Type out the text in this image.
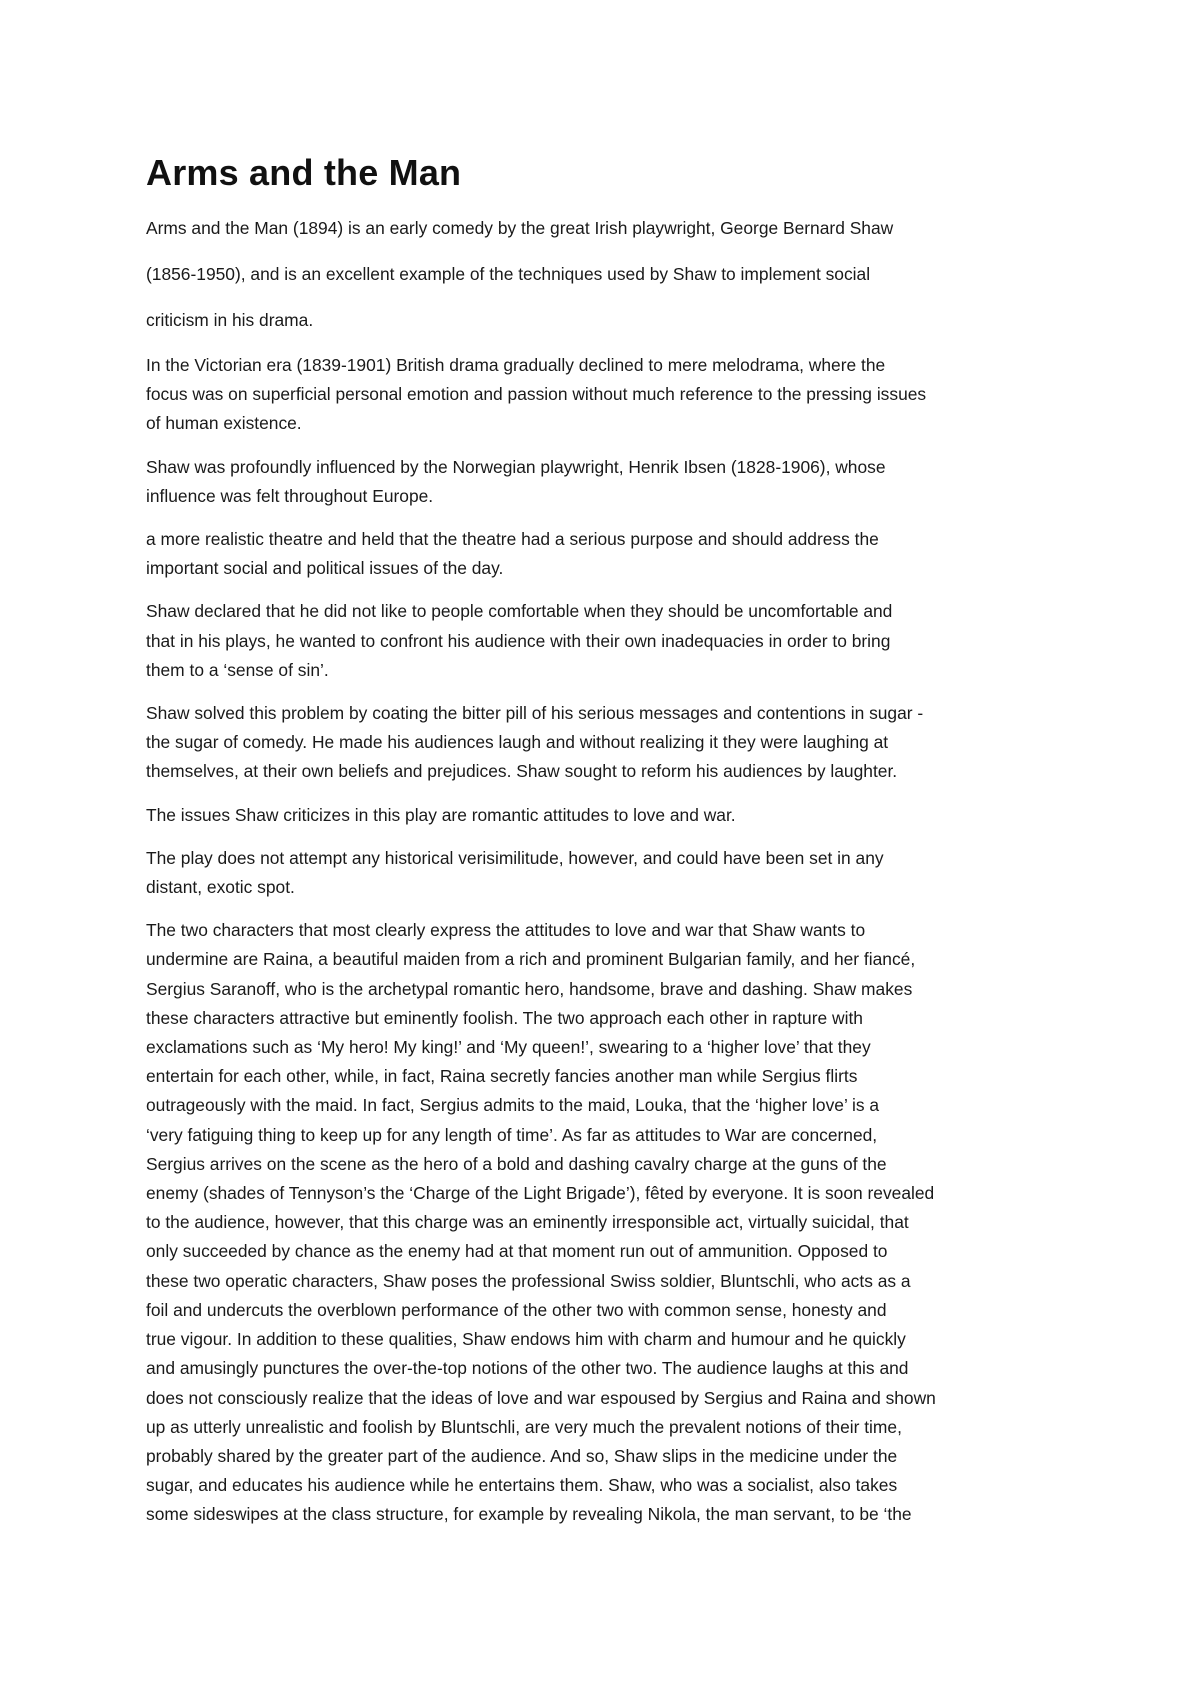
Arms and the Man
Arms and the Man (1894) is an early comedy by the great Irish playwright, George Bernard Shaw
(1856-1950), and is an excellent example of the techniques used by Shaw to implement social
criticism in his drama.
In the Victorian era (1839-1901) British drama gradually declined to mere melodrama, where the
focus was on superficial personal emotion and passion without much reference to the pressing issues
of human existence.
Shaw was profoundly influenced by the Norwegian playwright, Henrik Ibsen (1828-1906), whose
influence was felt throughout Europe.
a more realistic theatre and held that the theatre had a serious purpose and should address the
important social and political issues of the day.
Shaw declared that he did not like to people comfortable when they should be uncomfortable and
that in his plays, he wanted to confront his audience with their own inadequacies in order to bring
them to a ‘sense of sin’.
Shaw solved this problem by coating the bitter pill of his serious messages and contentions in sugar -
the sugar of comedy. He made his audiences laugh and without realizing it they were laughing at
themselves, at their own beliefs and prejudices. Shaw sought to reform his audiences by laughter.
The issues Shaw criticizes in this play are romantic attitudes to love and war.
The play does not attempt any historical verisimilitude, however, and could have been set in any
distant, exotic spot.
The two characters that most clearly express the attitudes to love and war that Shaw wants to
undermine are Raina, a beautiful maiden from a rich and prominent Bulgarian family, and her fiancé,
Sergius Saranoff, who is the archetypal romantic hero, handsome, brave and dashing. Shaw makes
these characters attractive but eminently foolish. The two approach each other in rapture with
exclamations such as ‘My hero! My king!’ and ‘My queen!’, swearing to a ‘higher love’ that they
entertain for each other, while, in fact, Raina secretly fancies another man while Sergius flirts
outrageously with the maid. In fact, Sergius admits to the maid, Louka, that the ‘higher love’ is a
‘very fatiguing thing to keep up for any length of time’. As far as attitudes to War are concerned,
Sergius arrives on the scene as the hero of a bold and dashing cavalry charge at the guns of the
enemy (shades of Tennyson’s the ‘Charge of the Light Brigade’), fêted by everyone. It is soon revealed
to the audience, however, that this charge was an eminently irresponsible act, virtually suicidal, that
only succeeded by chance as the enemy had at that moment run out of ammunition. Opposed to
these two operatic characters, Shaw poses the professional Swiss soldier, Bluntschli, who acts as a
foil and undercuts the overblown performance of the other two with common sense, honesty and
true vigour. In addition to these qualities, Shaw endows him with charm and humour and he quickly
and amusingly punctures the over-the-top notions of the other two. The audience laughs at this and
does not consciously realize that the ideas of love and war espoused by Sergius and Raina and shown
up as utterly unrealistic and foolish by Bluntschli, are very much the prevalent notions of their time,
probably shared by the greater part of the audience. And so, Shaw slips in the medicine under the
sugar, and educates his audience while he entertains them. Shaw, who was a socialist, also takes
some sideswipes at the class structure, for example by revealing Nikola, the man servant, to be ‘the
